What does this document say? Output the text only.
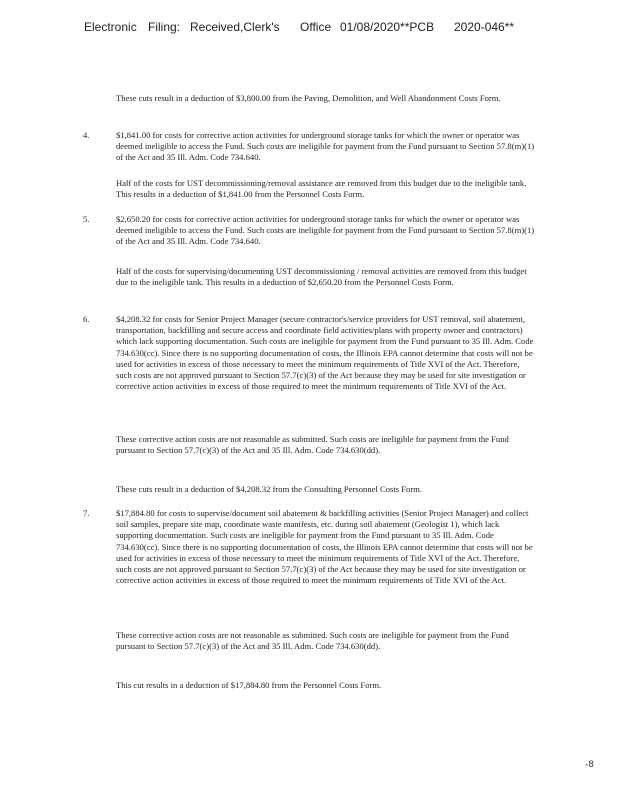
Electronic Filing: Received,Clerk's Office 01/08/2020**PCB 2020-046**

These cuts result in a deduction of $3,800.00 from the Paving, Demolition, and Well Abandonment Costs Form.

4.	$1,841.00 for costs for corrective action activities for underground storage tanks for which the owner or operator was deemed ineligible to access the Fund. Such costs are ineligible for payment from the Fund pursuant to Section 57.8(m)(1) of the Act and 35 Ill. Adm. Code 734.640.

Half of the costs for UST decommissioning/removal assistance are removed from this budget due to the ineligible tank. This results in a deduction of $1,841.00 from the Personnel Costs Form.

5.	$2,650.20 for costs for corrective action activities for underground storage tanks for which the owner or operator was deemed ineligible to access the Fund. Such costs are ineligible for payment from the Fund pursuant to Section 57.8(m)(1) of the Act and 35 Ill. Adm. Code 734.640.

Half of the costs for supervising/documenting UST decommissioning / removal activities are removed from this budget due to the ineligible tank. This results in a deduction of $2,650.20 from the Personnel Costs Form.

6.	$4,208.32 for costs for Senior Project Manager (secure contractor's/service providers for UST removal, soil abatement, transportation, backfilling and secure access and coordinate field activities/plans with property owner and contractors) which lack supporting documentation. Such costs are ineligible for payment from the Fund pursuant to 35 Ill. Adm. Code 734.630(cc). Since there is no supporting documentation of costs, the Illinois EPA cannot determine that costs will not be used for activities in excess of those necessary to meet the minimum requirements of Title XVI of the Act. Therefore, such costs are not approved pursuant to Section 57.7(c)(3) of the Act because they may be used for site investigation or corrective action activities in excess of those required to meet the minimum requirements of Title XVI of the Act.

These corrective action costs are not reasonable as submitted. Such costs are ineligible for payment from the Fund pursuant to Section 57.7(c)(3) of the Act and 35 Ill. Adm. Code 734.630(dd).

These cuts result in a deduction of $4,208.32 from the Consulting Personnel Costs Form.

7.	$17,884.80 for costs to supervise/document soil abatement & backfilling activities (Senior Project Manager) and collect soil samples, prepare site map, coordinate waste manifests, etc. during soil abatement (Geologist 1), which lack supporting documentation. Such costs are ineligible for payment from the Fund pursuant to 35 Ill. Adm. Code 734.630(cc). Since there is no supporting documentation of costs, the Illinois EPA cannot determine that costs will not be used for activities in excess of those necessary to meet the minimum requirements of Title XVI of the Act. Therefore, such costs are not approved pursuant to Section 57.7(c)(3) of the Act because they may be used for site investigation or corrective action activities in excess of those required to meet the minimum requirements of Title XVI of the Act.

These corrective action costs are not reasonable as submitted. Such costs are ineligible for payment from the Fund pursuant to Section 57.7(c)(3) of the Act and 35 Ill. Adm. Code 734.630(dd).

This cut results in a deduction of $17,884.80 from the Personnel Costs Form.

-8
